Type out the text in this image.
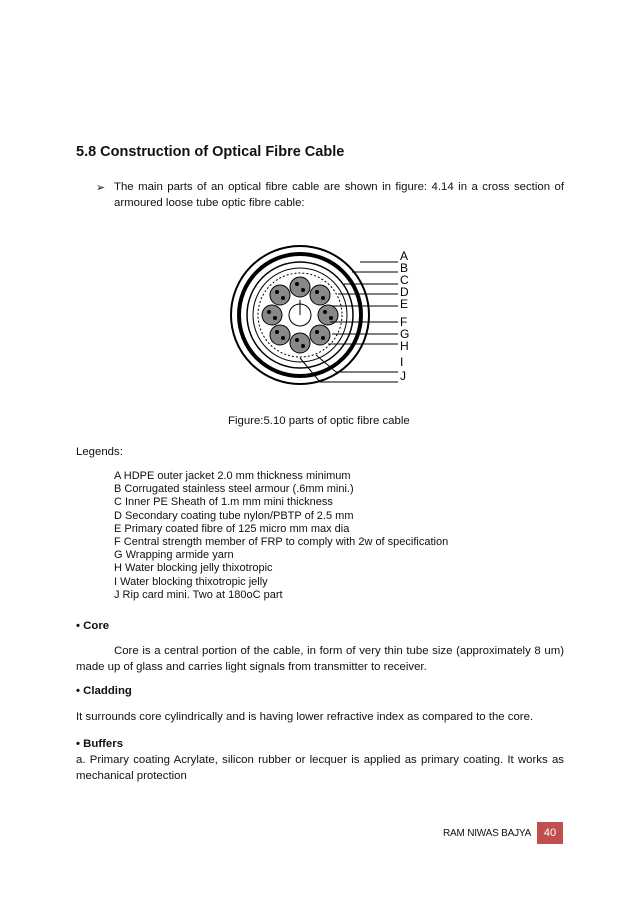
5.8 Construction of Optical Fibre Cable
➢ The main parts of an optical fibre cable are shown in figure: 4.14 in a cross section of armoured loose tube optic fibre cable:
A
B
C
D
E
F
G
H
I
J
Figure:5.10 parts of optic fibre cable
Legends:
A HDPE outer jacket 2.0 mm thickness minimum
B Corrugated stainless steel armour (.6mm mini.)
C Inner PE Sheath of 1.m mm mini thickness
D Secondary coating tube nylon/PBTP of 2.5 mm
E Primary coated fibre of 125 micro mm max dia
F Central strength member of FRP to comply with 2w of specification
G Wrapping armide yarn
H Water blocking jelly thixotropic
I Water blocking thixotropic jelly
J Rip card mini. Two at 180oC part
• Core
Core is a central portion of the cable, in form of very thin tube size (approximately 8 um) made up of glass and carries light signals from transmitter to receiver.
• Cladding
It surrounds core cylindrically and is having lower refractive index as compared to the core.
• Buffers
a. Primary coating Acrylate, silicon rubber or lecquer is applied as primary coating. It works as mechanical protection
RAM NIWAS BAJYA	40
